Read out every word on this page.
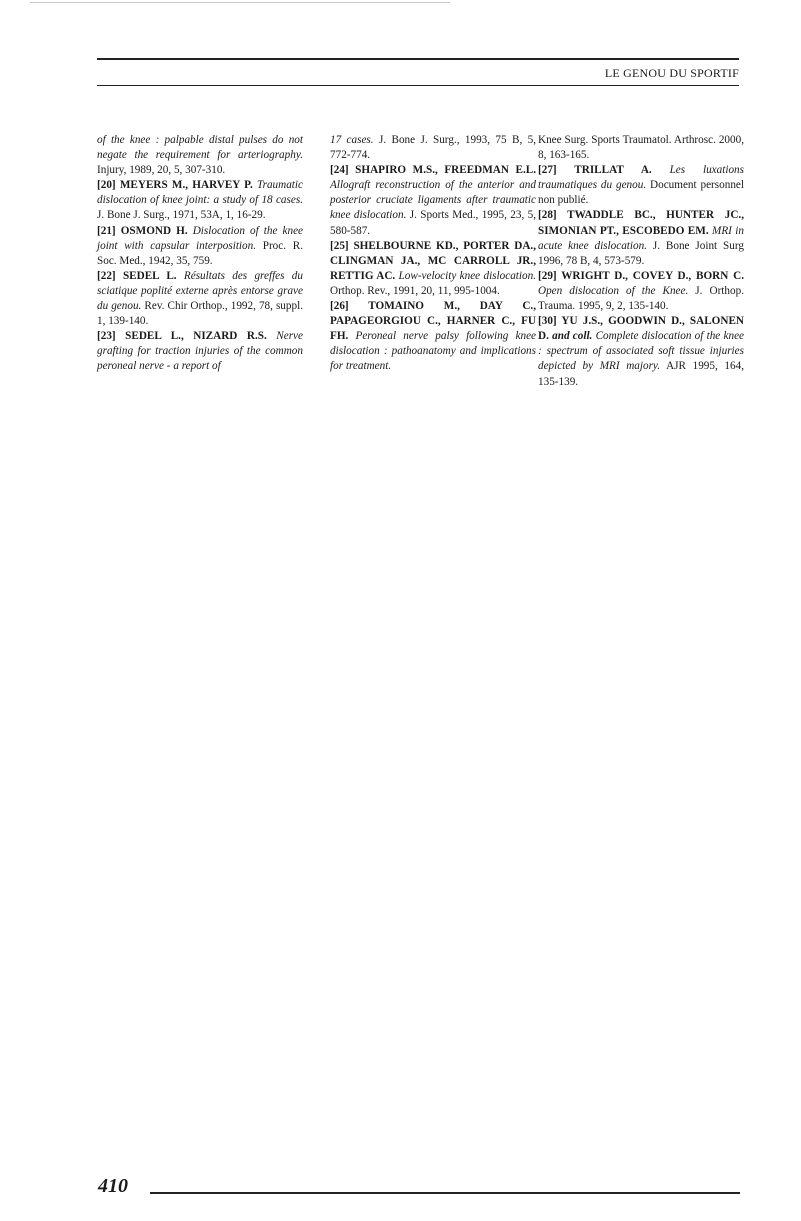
LE GENOU DU SPORTIF

of the knee : palpable distal pulses do not negate the requirement for arteriography. Injury, 1989, 20, 5, 307-310.

[20] MEYERS M., HARVEY P. Traumatic dislocation of knee joint: a study of 18 cases. J. Bone J. Surg., 1971, 53A, 1, 16-29.

[21] OSMOND H. Dislocation of the knee joint with capsular interposition. Proc. R. Soc. Med., 1942, 35, 759.

[22] SEDEL L. Résultats des greffes du sciatique poplité externe après entorse grave du genou. Rev. Chir Orthop., 1992, 78, suppl. 1, 139-140.

[23] SEDEL L., NIZARD R.S. Nerve grafting for traction injuries of the common peroneal nerve - a report of

17 cases. J. Bone J. Surg., 1993, 75 B, 5, 772-774.

[24] SHAPIRO M.S., FREEDMAN E.L. Allograft reconstruction of the anterior and posterior cruciate ligaments after traumatic knee dislocation. J. Sports Med., 1995, 23, 5, 580-587.

[25] SHELBOURNE KD., PORTER DA., CLINGMAN JA., MC CARROLL JR., RETTIG AC. Low-velocity knee dislocation. Orthop. Rev., 1991, 20, 11, 995-1004.

[26] TOMAINO M., DAY C., PAPAGEORGIOU C., HARNER C., FU FH. Peroneal nerve palsy following knee dislocation : pathoanatomy and implications for treatment.

Knee Surg. Sports Traumatol. Arthrosc. 2000, 8, 163-165.

[27] TRILLAT A. Les luxations traumatiques du genou. Document personnel non publié.

[28] TWADDLE BC., HUNTER JC., SIMONIAN PT., ESCOBEDO EM. MRI in acute knee dislocation. J. Bone Joint Surg 1996, 78 B, 4, 573-579.

[29] WRIGHT D., COVEY D., BORN C. Open dislocation of the Knee. J. Orthop. Trauma. 1995, 9, 2, 135-140.

[30] YU J.S., GOODWIN D., SALONEN D. and coll. Complete dislocation of the knee : spectrum of associated soft tissue injuries depicted by MRI majory. AJR 1995, 164, 135-139.

410
